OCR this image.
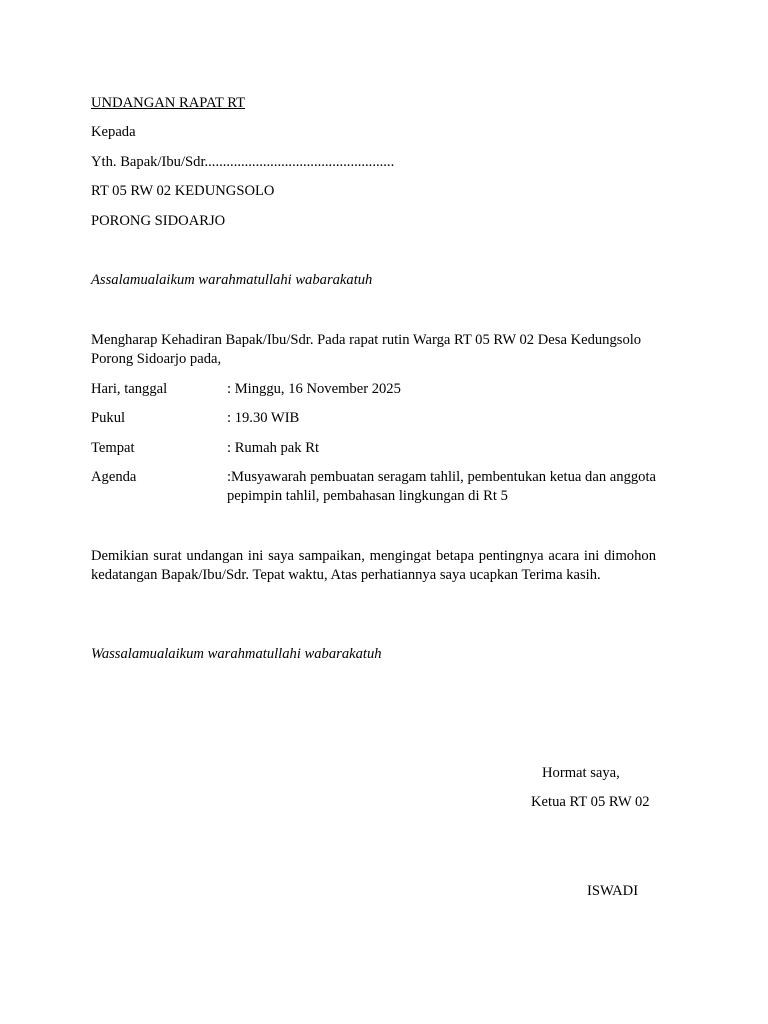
UNDANGAN RAPAT RT
Kepada
Yth. Bapak/Ibu/Sdr....................................................
RT 05 RW 02 KEDUNGSOLO
PORONG SIDOARJO
Assalamualaikum warahmatullahi wabarakatuh
Mengharap Kehadiran Bapak/Ibu/Sdr. Pada rapat rutin Warga RT 05 RW 02 Desa Kedungsolo Porong Sidoarjo pada,
Hari, tanggal	: Minggu, 16 November 2025
Pukul	: 19.30 WIB
Tempat	: Rumah pak Rt
Agenda	:Musyawarah pembuatan seragam tahlil, pembentukan ketua dan anggota pepimpin tahlil, pembahasan lingkungan di Rt 5
Demikian surat undangan ini saya sampaikan, mengingat betapa pentingnya acara ini dimohon kedatangan Bapak/Ibu/Sdr. Tepat waktu, Atas perhatiannya saya ucapkan Terima kasih.
Wassalamualaikum warahmatullahi wabarakatuh
Hormat saya,
Ketua RT 05 RW 02
ISWADI
